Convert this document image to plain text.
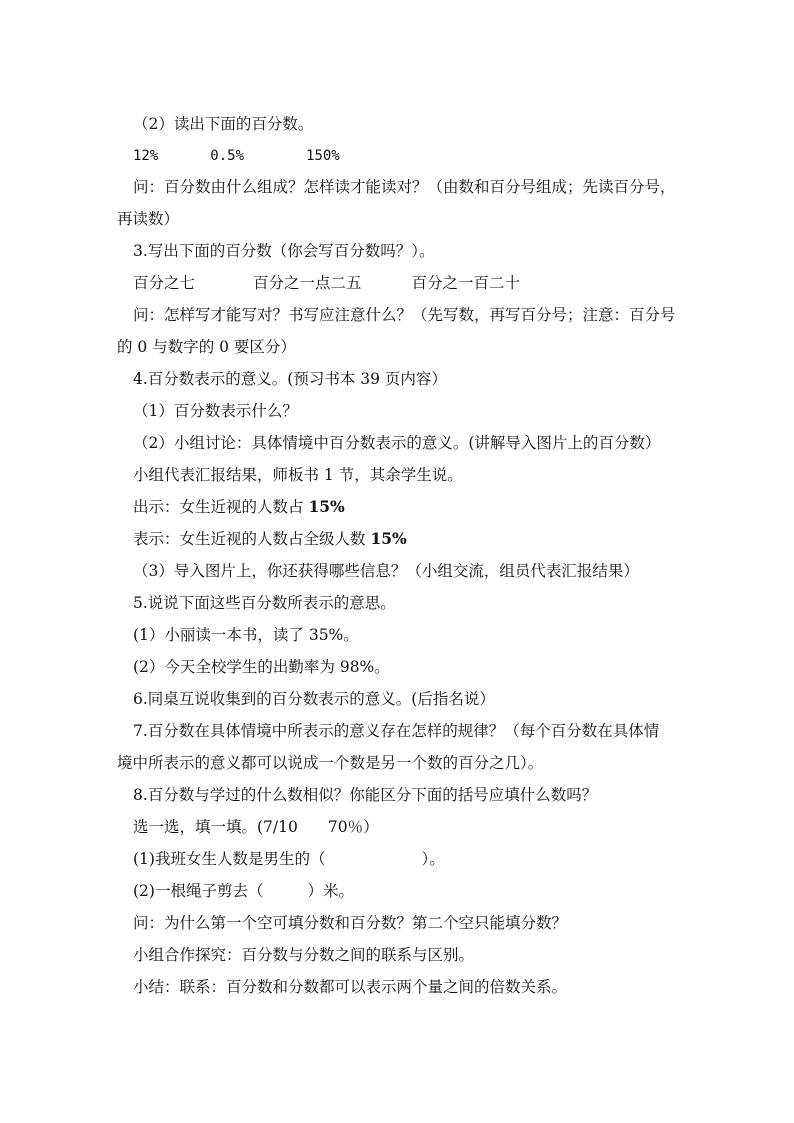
（2）读出下面的百分数。
12%	0.5%	150%
问：百分数由什么组成？怎样读才能读对？（由数和百分号组成；先读百分号，
再读数）
3.写出下面的百分数（你会写百分数吗？）。
百分之七	百分之一点二五	百分之一百二十
问：怎样写才能写对？书写应注意什么？（先写数，再写百分号；注意：百分号
的 0 与数字的 0 要区分）
4.百分数表示的意义。(预习书本 39 页内容）
（1）百分数表示什么？
（2）小组讨论：具体情境中百分数表示的意义。(讲解导入图片上的百分数）
小组代表汇报结果，师板书 1 节，其余学生说。
出示：女生近视的人数占 15%
表示：女生近视的人数占全级人数 15%
（3）导入图片上，你还获得哪些信息？（小组交流，组员代表汇报结果）
5.说说下面这些百分数所表示的意思。
(1）小丽读一本书，读了 35%。
(2）今天全校学生的出勤率为 98%。
6.同桌互说收集到的百分数表示的意义。(后指名说）
7.百分数在具体情境中所表示的意义存在怎样的规律？（每个百分数在具体情
境中所表示的意义都可以说成一个数是另一个数的百分之几）。
8.百分数与学过的什么数相似？你能区分下面的括号应填什么数吗？
选一选，填一填。(7/10 70％）
(1)我班女生人数是男生的（	）。
(2)一根绳子剪去（	）米。
问：为什么第一个空可填分数和百分数？第二个空只能填分数？
小组合作探究：百分数与分数之间的联系与区别。
小结：联系：百分数和分数都可以表示两个量之间的倍数关系。
